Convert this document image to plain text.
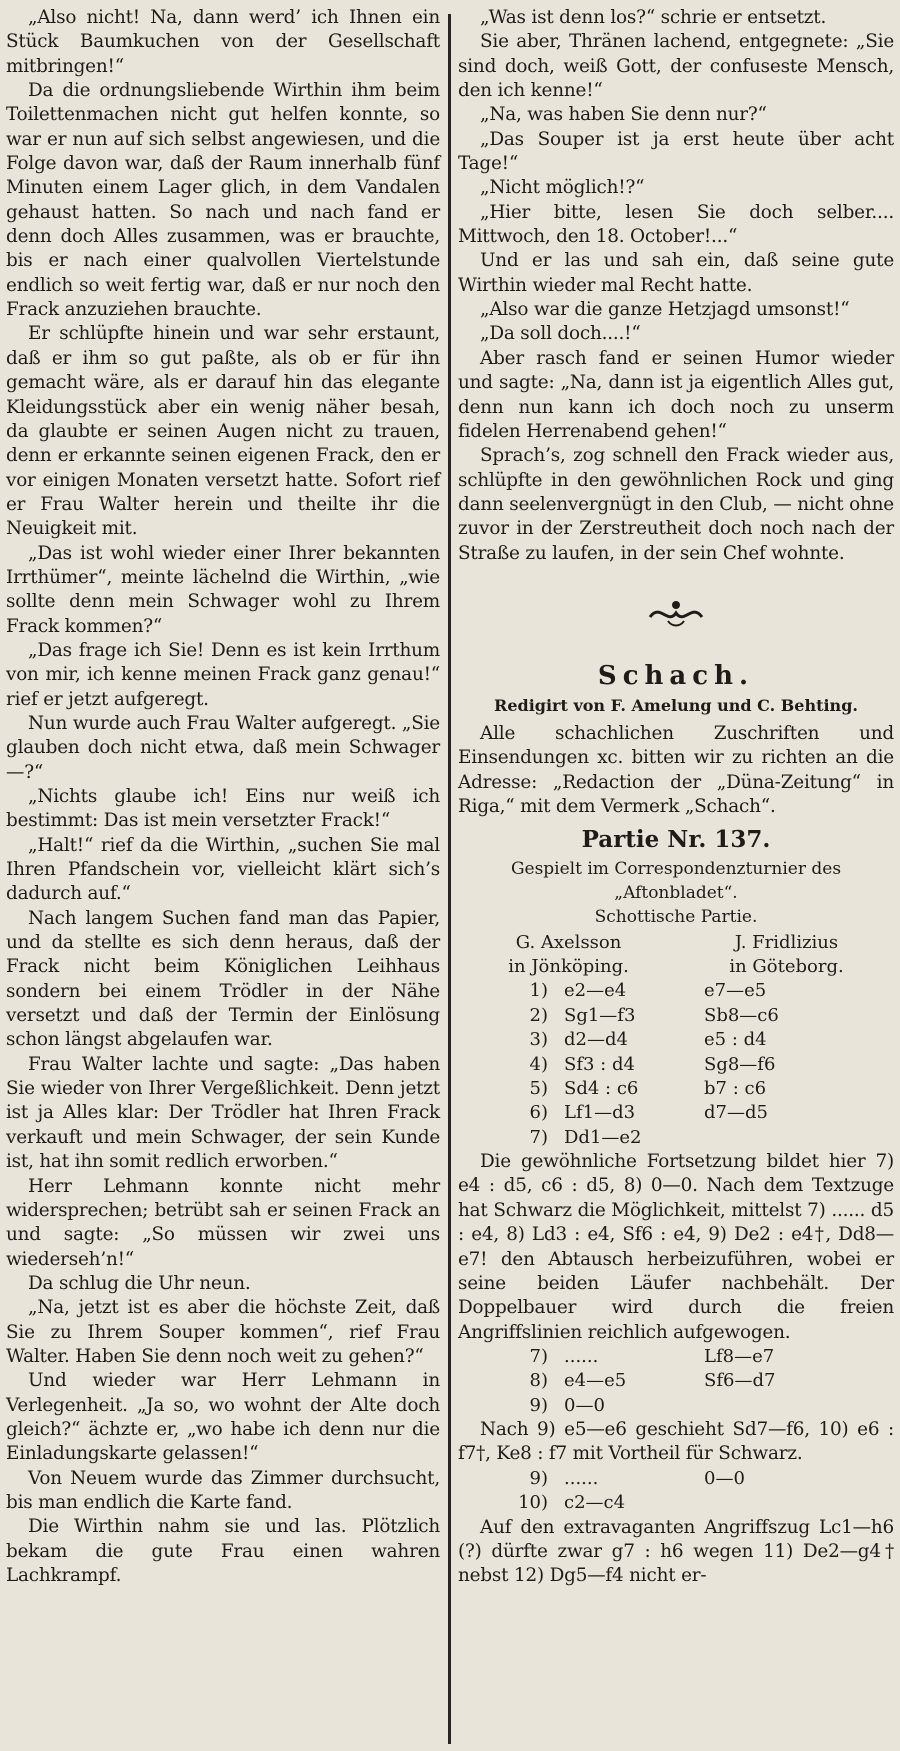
„Also nicht! Na, dann werd’ ich Ihnen ein Stück Baumkuchen von der Gesellschaft mitbringen!“

Da die ordnungsliebende Wirthin ihm beim Toilettenmachen nicht gut helfen konnte, so war er nun auf sich selbst angewiesen, und die Folge davon war, daß der Raum innerhalb fünf Minuten einem Lager glich, in dem Vandalen gehaust hatten. So nach und nach fand er denn doch Alles zusammen, was er brauchte, bis er nach einer qualvollen Viertelstunde endlich so weit fertig war, daß er nur noch den Frack anzuziehen brauchte.

Er schlüpfte hinein und war sehr erstaunt, daß er ihm so gut paßte, als ob er für ihn gemacht wäre, als er darauf hin das elegante Kleidungsstück aber ein wenig näher besah, da glaubte er seinen Augen nicht zu trauen, denn er erkannte seinen eigenen Frack, den er vor einigen Monaten versetzt hatte. Sofort rief er Frau Walter herein und theilte ihr die Neuigkeit mit.

„Das ist wohl wieder einer Ihrer bekannten Irrthümer“, meinte lächelnd die Wirthin, „wie sollte denn mein Schwager wohl zu Ihrem Frack kommen?“

„Das frage ich Sie! Denn es ist kein Irrthum von mir, ich kenne meinen Frack ganz genau!“ rief er jetzt aufgeregt.

Nun wurde auch Frau Walter aufgeregt. „Sie glauben doch nicht etwa, daß mein Schwager —?“

„Nichts glaube ich! Eins nur weiß ich bestimmt: Das ist mein versetzter Frack!“

„Halt!“ rief da die Wirthin, „suchen Sie mal Ihren Pfandschein vor, vielleicht klärt sich’s dadurch auf.“

Nach langem Suchen fand man das Papier, und da stellte es sich denn heraus, daß der Frack nicht beim Königlichen Leihhaus sondern bei einem Trödler in der Nähe versetzt und daß der Termin der Einlösung schon längst abgelaufen war.

Frau Walter lachte und sagte: „Das haben Sie wieder von Ihrer Vergeßlichkeit. Denn jetzt ist ja Alles klar: Der Trödler hat Ihren Frack verkauft und mein Schwager, der sein Kunde ist, hat ihn somit redlich erworben.“

Herr Lehmann konnte nicht mehr widersprechen; betrübt sah er seinen Frack an und sagte: „So müssen wir zwei uns wiederseh’n!“

Da schlug die Uhr neun.

„Na, jetzt ist es aber die höchste Zeit, daß Sie zu Ihrem Souper kommen“, rief Frau Walter. Haben Sie denn noch weit zu gehen?“

Und wieder war Herr Lehmann in Verlegenheit. „Ja so, wo wohnt der Alte doch gleich?“ ächzte er, „wo habe ich denn nur die Einladungskarte gelassen!“

Von Neuem wurde das Zimmer durchsucht, bis man endlich die Karte fand.

Die Wirthin nahm sie und las. Plötzlich bekam die gute Frau einen wahren Lachkrampf.

„Was ist denn los?“ schrie er entsetzt.

Sie aber, Thränen lachend, entgegnete: „Sie sind doch, weiß Gott, der confuseste Mensch, den ich kenne!“

„Na, was haben Sie denn nur?“

„Das Souper ist ja erst heute über acht Tage!“

„Nicht möglich!?“

„Hier bitte, lesen Sie doch selber.... Mittwoch, den 18. October!...“

Und er las und sah ein, daß seine gute Wirthin wieder mal Recht hatte.

„Also war die ganze Hetzjagd umsonst!“

„Da soll doch....!“

Aber rasch fand er seinen Humor wieder und sagte: „Na, dann ist ja eigentlich Alles gut, denn nun kann ich doch noch zu unserm fidelen Herrenabend gehen!“

Sprach’s, zog schnell den Frack wieder aus, schlüpfte in den gewöhnlichen Rock und ging dann seelenvergnügt in den Club, — nicht ohne zuvor in der Zerstreutheit doch noch nach der Straße zu laufen, in der sein Chef wohnte.

Schach.

Redigirt von F. Amelung und C. Behting.

Alle schachlichen Zuschriften und Einsendungen xc. bitten wir zu richten an die Adresse: „Redaction der „Düna-Zeitung“ in Riga,“ mit dem Vermerk „Schach“.

Partie Nr. 137.

Gespielt im Correspondenzturnier des „Aftonbladet“.

Schottische Partie.

G. Axelsson
in Jönköping.
J. Fridlizius
in Göteborg.
1)	e2—e4	e7—e5
2)	Sg1—f3	Sb8—c6
3)	d2—d4	e5 : d4
4)	Sf3 : d4	Sg8—f6
5)	Sd4 : c6	b7 : c6
6)	Lf1—d3	d7—d5
7)	Dd1—e2	

Die gewöhnliche Fortsetzung bildet hier 7) e4 : d5, c6 : d5, 8) 0—0. Nach dem Textzuge hat Schwarz die Möglichkeit, mittelst 7) ...... d5 : e4, 8) Ld3 : e4, Sf6 : e4, 9) De2 : e4†, Dd8—e7! den Abtausch herbeizuführen, wobei er seine beiden Läufer nachbehält. Der Doppelbauer wird durch die freien Angriffslinien reichlich aufgewogen.

7)	......	Lf8—e7
8)	e4—e5	Sf6—d7
9)	0—0	

Nach 9) e5—e6 geschieht Sd7—f6, 10) e6 : f7†, Ke8 : f7 mit Vortheil für Schwarz.

9)	......	0—0
10)	c2—c4	

Auf den extravaganten Angriffszug Lc1—h6 (?) dürfte zwar g7 : h6 wegen 11) De2—g4† nebst 12) Dg5—f4 nicht er-
